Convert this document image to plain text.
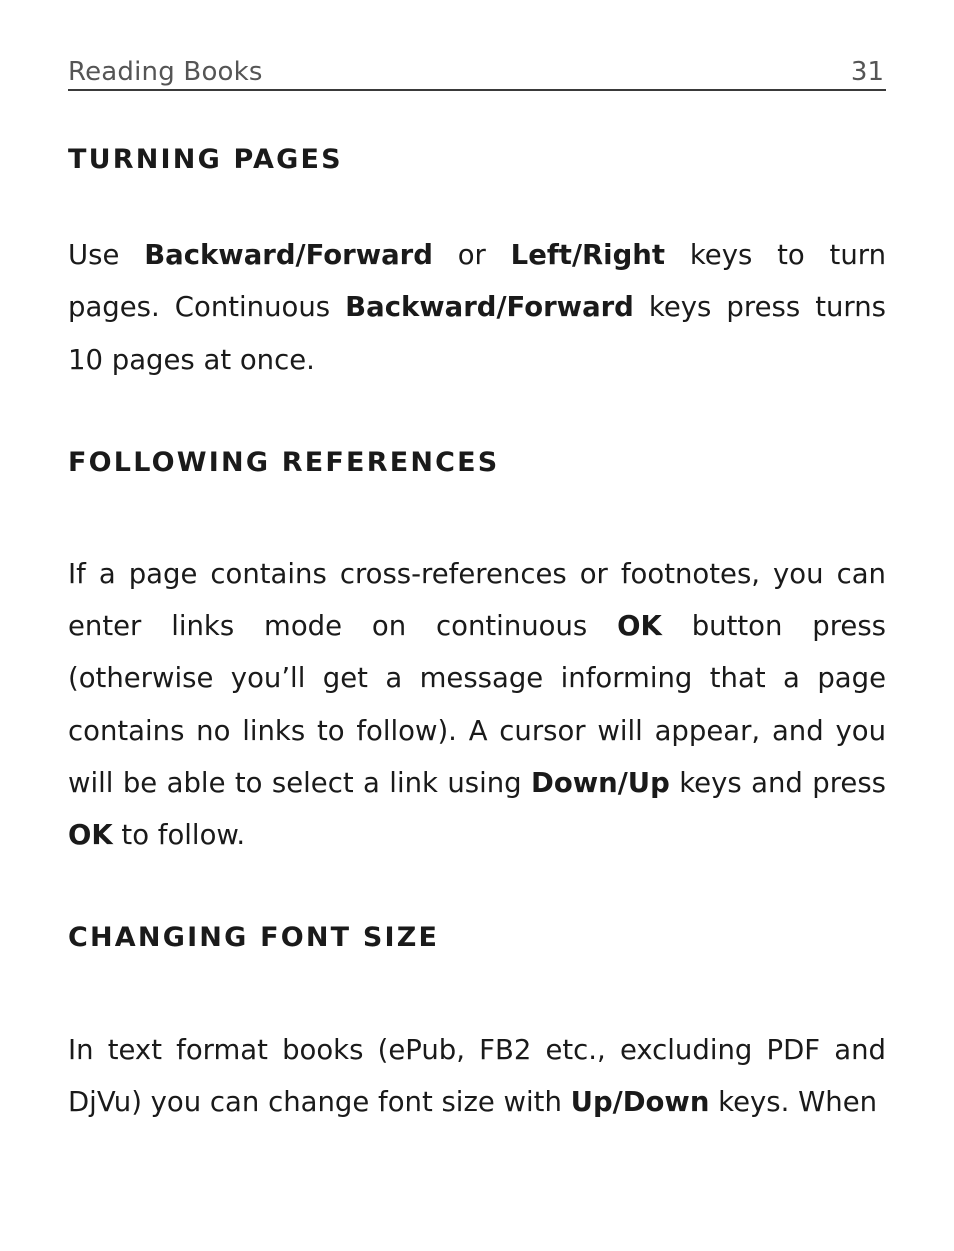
Reading Books	31
TURNING PAGES

Use Backward/Forward or Left/Right keys to turn pages. Continuous Backward/Forward keys press turns 10 pages at once.

FOLLOWING REFERENCES

If a page contains cross-references or footnotes, you can enter links mode on continuous OK button press (otherwise you’ll get a message informing that a page contains no links to follow). A cursor will appear, and you will be able to select a link using Down/Up keys and press OK to follow.

CHANGING FONT SIZE

In text format books (ePub, FB2 etc., excluding PDF and DjVu) you can change font size with Up/Down keys. When
